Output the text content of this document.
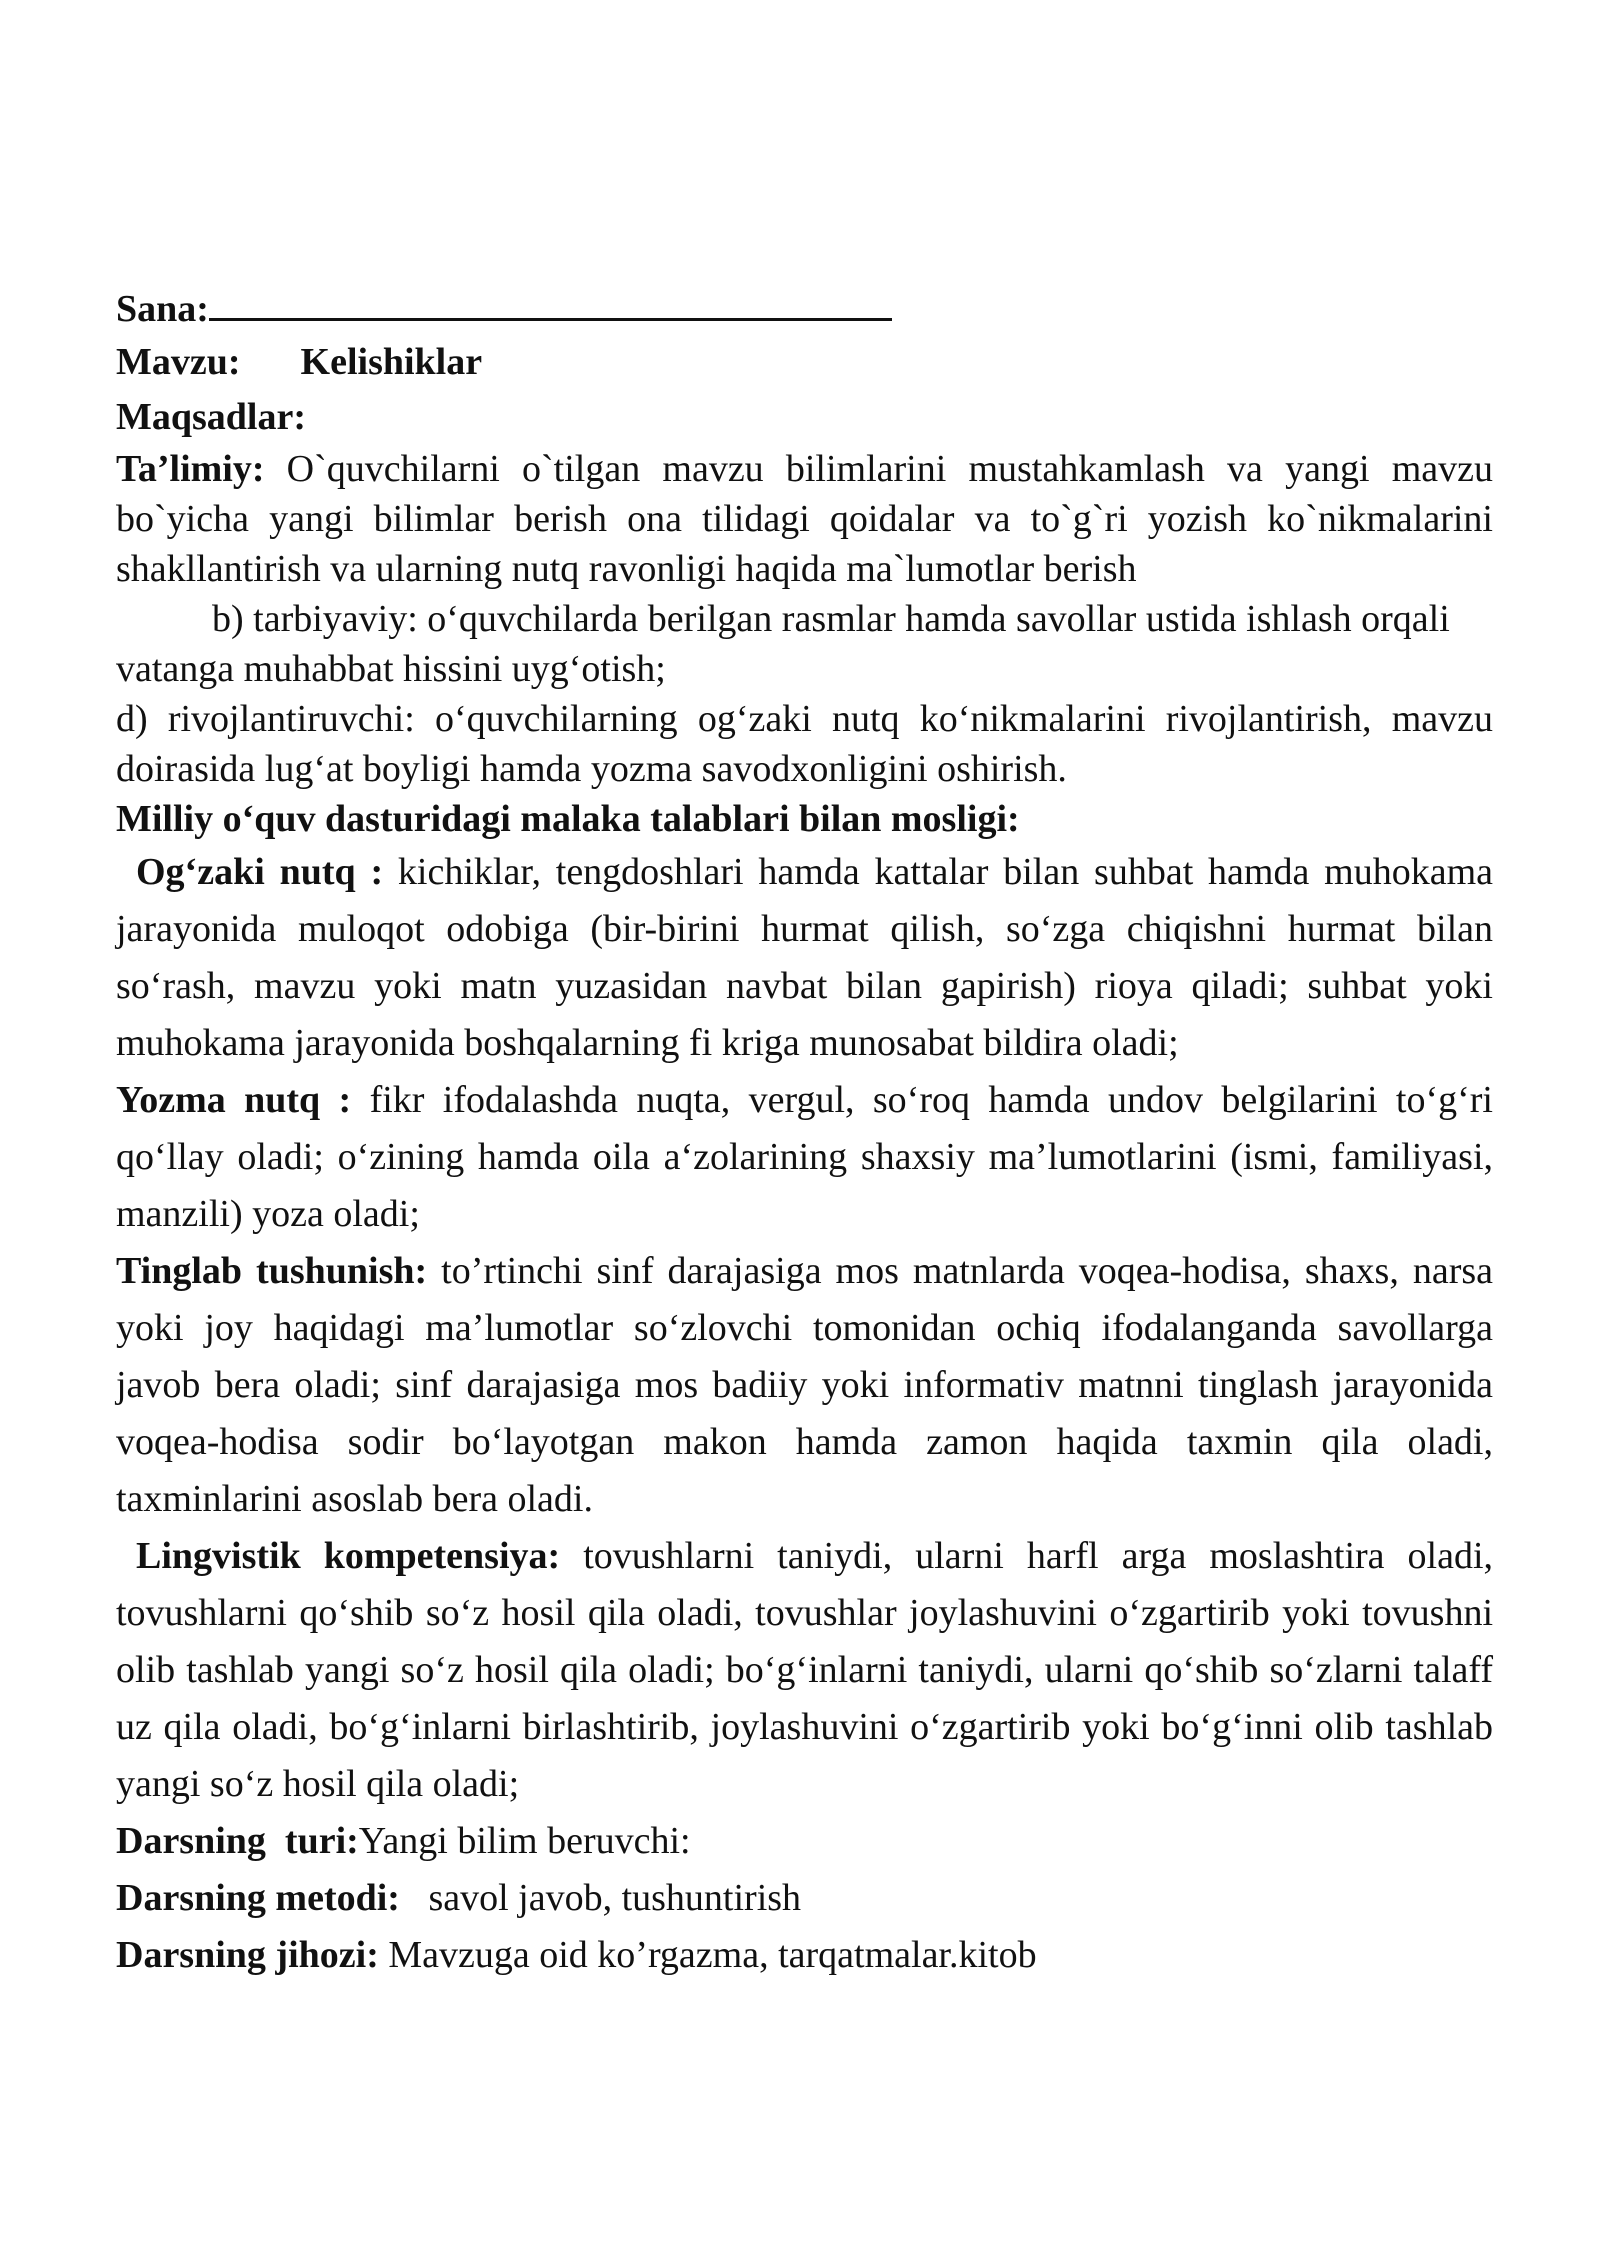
Sana:
Mavzu: Kelishiklar
Maqsadlar:

Ta’limiy: O`quvchilarni o`tilgan mavzu bilimlarini mustahkamlash va yangi mavzu bo`yicha yangi bilimlar berish ona tilidagi qoidalar va to`g`ri yozish ko`nikmalarini shakllantirish va ularning nutq ravonligi haqida ma`lumotlar berish

b) tarbiyaviy: o‘quvchilarda berilgan rasmlar hamda savollar ustida ishlash orqali vatanga muhabbat hissini uyg‘otish;

d) rivojlantiruvchi: o‘quvchilarning og‘zaki nutq ko‘nikmalarini rivojlantirish, mavzu doirasida lug‘at boyligi hamda yozma savodxonligini oshirish.

Milliy o‘quv dasturidagi malaka talablari bilan mosligi:

Og‘zaki nutq : kichiklar, tengdoshlari hamda kattalar bilan suhbat hamda muhokama jarayonida muloqot odobiga (bir-birini hurmat qilish, so‘zga chiqishni hurmat bilan so‘rash, mavzu yoki matn yuzasidan navbat bilan gapirish) rioya qiladi; suhbat yoki muhokama jarayonida boshqalarning fi kriga munosabat bildira oladi;

Yozma nutq : fikr ifodalashda nuqta, vergul, so‘roq hamda undov belgilarini to‘g‘ri qo‘llay oladi; o‘zining hamda oila a‘zolarining shaxsiy ma’lumotlarini (ismi, familiyasi, manzili) yoza oladi;

Tinglab tushunish: to’rtinchi sinf darajasiga mos matnlarda voqea-hodisa, shaxs, narsa yoki joy haqidagi ma’lumotlar so‘zlovchi tomonidan ochiq ifodalanganda savollarga javob bera oladi; sinf darajasiga mos badiiy yoki informativ matnni tinglash jarayonida voqea-hodisa sodir bo‘layotgan makon hamda zamon haqida taxmin qila oladi, taxminlarini asoslab bera oladi.

Lingvistik kompetensiya: tovushlarni taniydi, ularni harfl arga moslashtira oladi, tovushlarni qo‘shib so‘z hosil qila oladi, tovushlar joylashuvini o‘zgartirib yoki tovushni olib tashlab yangi so‘z hosil qila oladi; bo‘g‘inlarni taniydi, ularni qo‘shib so‘zlarni talaff uz qila oladi, bo‘g‘inlarni birlashtirib, joylashuvini o‘zgartirib yoki bo‘g‘inni olib tashlab yangi so‘z hosil qila oladi;

Darsning  turi:Yangi bilim beruvchi:

Darsning metodi:   savol javob, tushuntirish

Darsning jihozi: Mavzuga oid ko’rgazma, tarqatmalar.kitob
